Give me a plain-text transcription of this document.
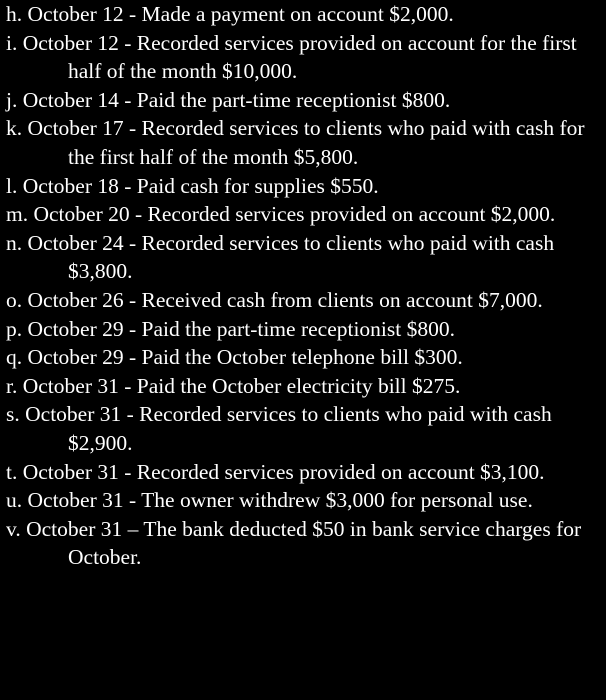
h. October 12 - Made a payment on account $2,000.

i. October 12 - Recorded services provided on account for the first half of the month $10,000.

j. October 14 - Paid the part-time receptionist $800.

k. October 17 - Recorded services to clients who paid with cash for the first half of the month $5,800.

l. October 18 - Paid cash for supplies $550.

m. October 20 - Recorded services provided on account $2,000.

n. October 24 - Recorded services to clients who paid with cash $3,800.

o. October 26 - Received cash from clients on account $7,000.

p. October 29 - Paid the part-time receptionist $800.

q. October 29 - Paid the October telephone bill $300.

r. October 31 - Paid the October electricity bill $275.

s. October 31 - Recorded services to clients who paid with cash $2,900.

t. October 31 - Recorded services provided on account $3,100.

u. October 31 - The owner withdrew $3,000 for personal use.

v. October 31 – The bank deducted $50 in bank service charges for October.
